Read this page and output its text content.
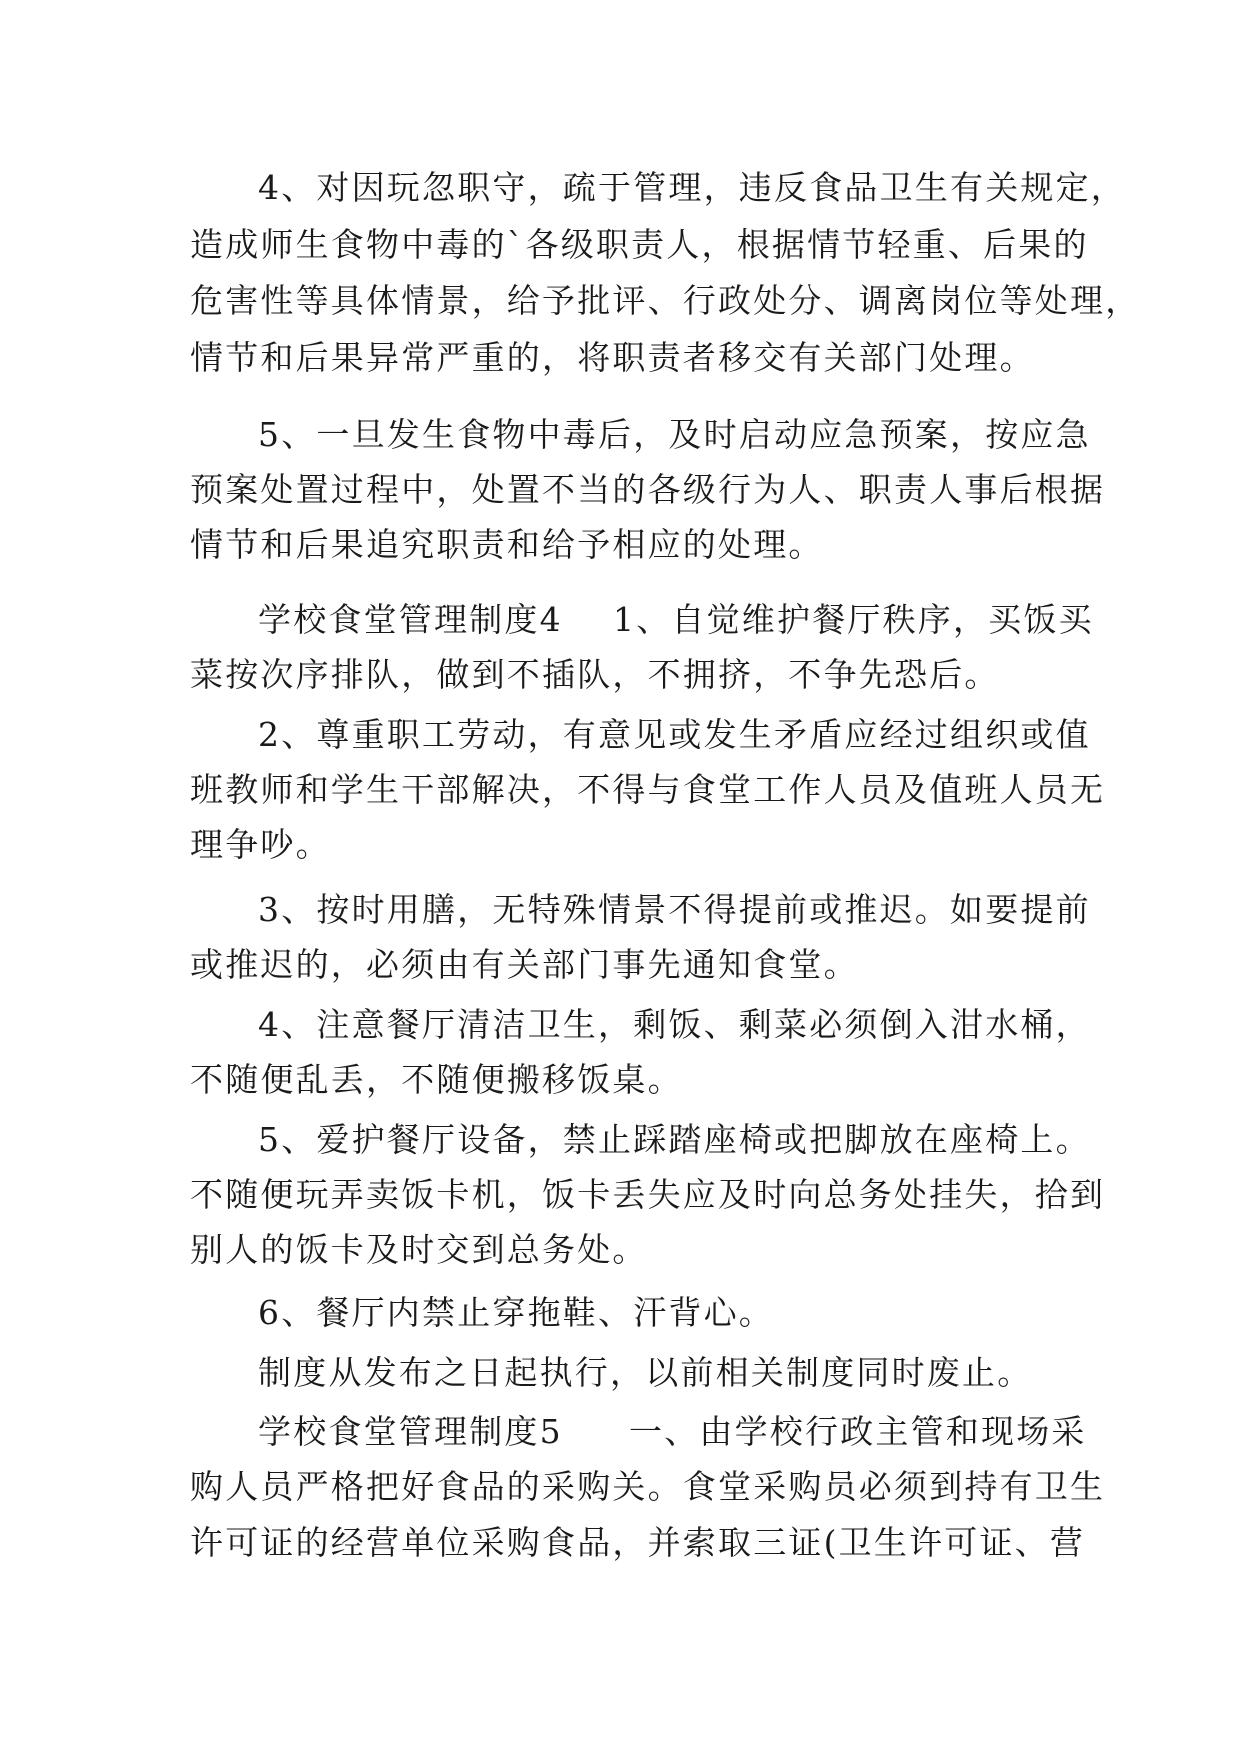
4、对因玩忽职守，疏于管理，违反食品卫生有关规定，
造成师生食物中毒的`各级职责人，根据情节轻重、后果的
危害性等具体情景，给予批评、行政处分、调离岗位等处理，
情节和后果异常严重的，将职责者移交有关部门处理。
5、一旦发生食物中毒后，及时启动应急预案，按应急
预案处置过程中，处置不当的各级行为人、职责人事后根据
情节和后果追究职责和给予相应的处理。
学校食堂管理制度4	1、自觉维护餐厅秩序，买饭买
菜按次序排队，做到不插队，不拥挤，不争先恐后。
2、尊重职工劳动，有意见或发生矛盾应经过组织或值
班教师和学生干部解决，不得与食堂工作人员及值班人员无
理争吵。
3、按时用膳，无特殊情景不得提前或推迟。如要提前
或推迟的，必须由有关部门事先通知食堂。
4、注意餐厅清洁卫生，剩饭、剩菜必须倒入泔水桶，
不随便乱丢，不随便搬移饭桌。
5、爱护餐厅设备，禁止踩踏座椅或把脚放在座椅上。
不随便玩弄卖饭卡机，饭卡丢失应及时向总务处挂失，拾到
别人的饭卡及时交到总务处。
6、餐厅内禁止穿拖鞋、汗背心。
制度从发布之日起执行，以前相关制度同时废止。
学校食堂管理制度5	一、由学校行政主管和现场采
购人员严格把好食品的采购关。食堂采购员必须到持有卫生
许可证的经营单位采购食品，并索取三证(卫生许可证、营
